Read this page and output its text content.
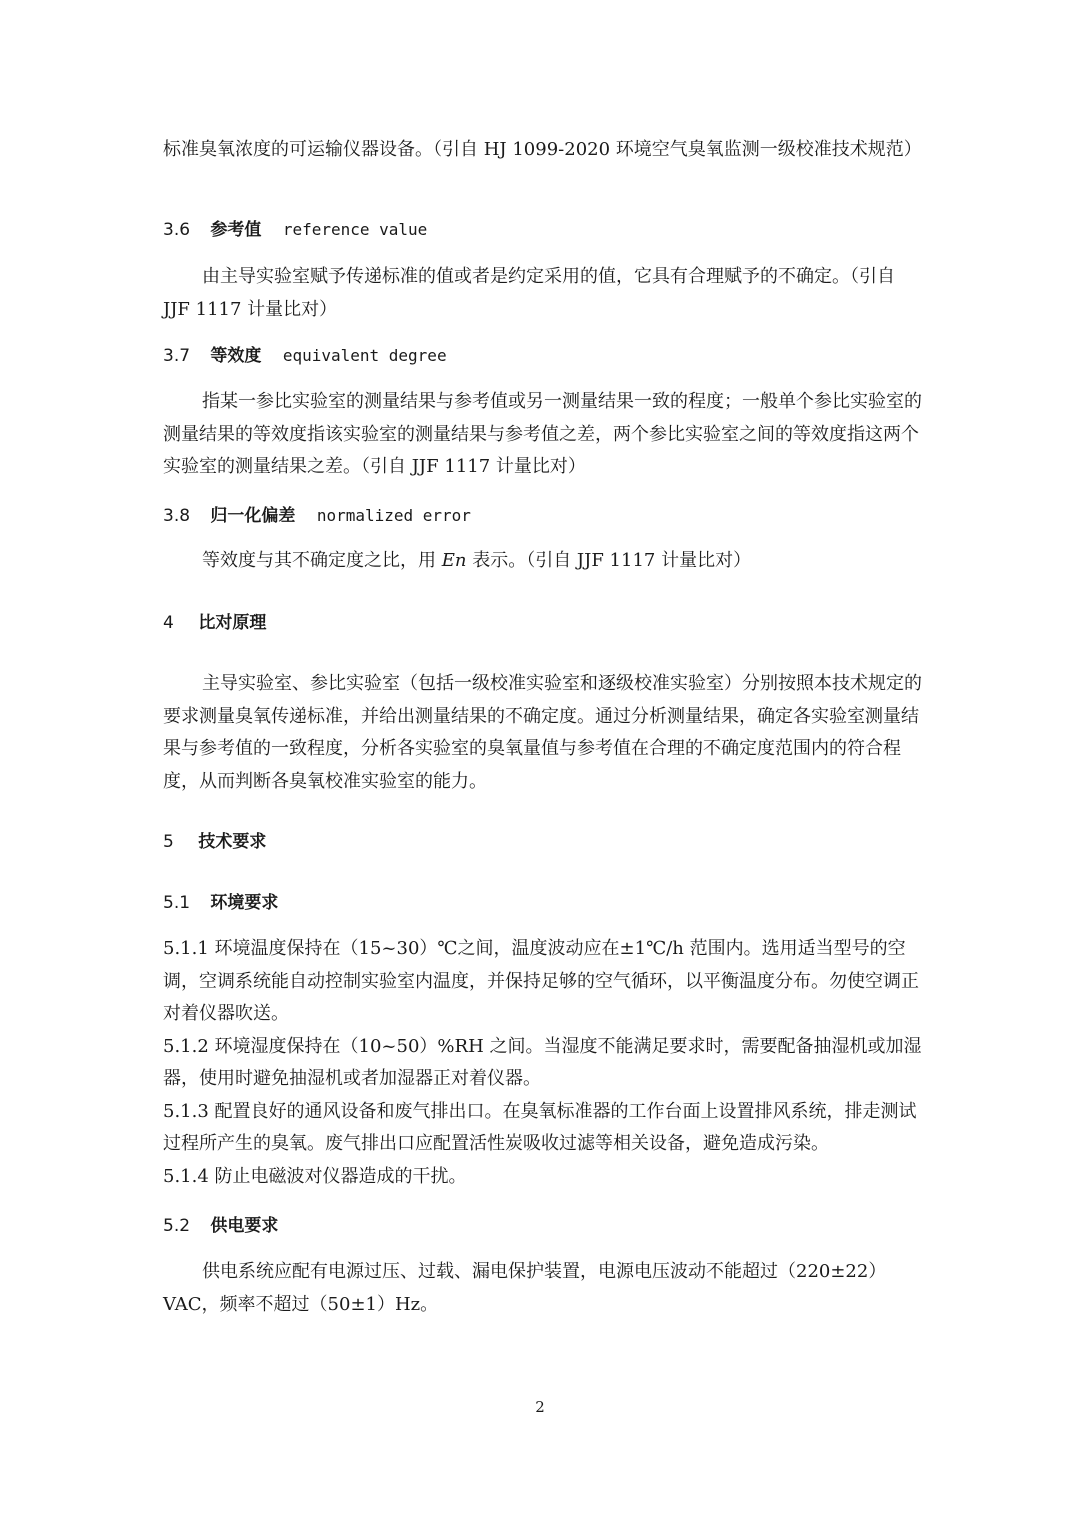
标准臭氧浓度的可运输仪器设备。（引自 HJ 1099-2020 环境空气臭氧监测一级校准技术规范）

3.6 参考值 reference value

由主导实验室赋予传递标准的值或者是约定采用的值，它具有合理赋予的不确定。（引自 JJF 1117 计量比对）

3.7 等效度 equivalent degree

指某一参比实验室的测量结果与参考值或另一测量结果一致的程度；一般单个参比实验室的测量结果的等效度指该实验室的测量结果与参考值之差，两个参比实验室之间的等效度指这两个实验室的测量结果之差。（引自 JJF 1117 计量比对）

3.8 归一化偏差 normalized error

等效度与其不确定度之比，用 En 表示。（引自 JJF 1117 计量比对）

4 比对原理

主导实验室、参比实验室（包括一级校准实验室和逐级校准实验室）分别按照本技术规定的要求测量臭氧传递标准，并给出测量结果的不确定度。通过分析测量结果，确定各实验室测量结果与参考值的一致程度，分析各实验室的臭氧量值与参考值在合理的不确定度范围内的符合程度，从而判断各臭氧校准实验室的能力。

5 技术要求
5.1 环境要求
5.1.1 环境温度保持在（15~30）℃之间，温度波动应在±1℃/h 范围内。选用适当型号的空调，空调系统能自动控制实验室内温度，并保持足够的空气循环，以平衡温度分布。勿使空调正对着仪器吹送。
5.1.2 环境湿度保持在（10~50）%RH 之间。当湿度不能满足要求时，需要配备抽湿机或加湿器，使用时避免抽湿机或者加湿器正对着仪器。
5.1.3 配置良好的通风设备和废气排出口。在臭氧标准器的工作台面上设置排风系统，排走测试过程所产生的臭氧。废气排出口应配置活性炭吸收过滤等相关设备，避免造成污染。
5.1.4 防止电磁波对仪器造成的干扰。
5.2 供电要求

供电系统应配有电源过压、过载、漏电保护装置，电源电压波动不能超过（220±22）VAC，频率不超过（50±1）Hz。

2
